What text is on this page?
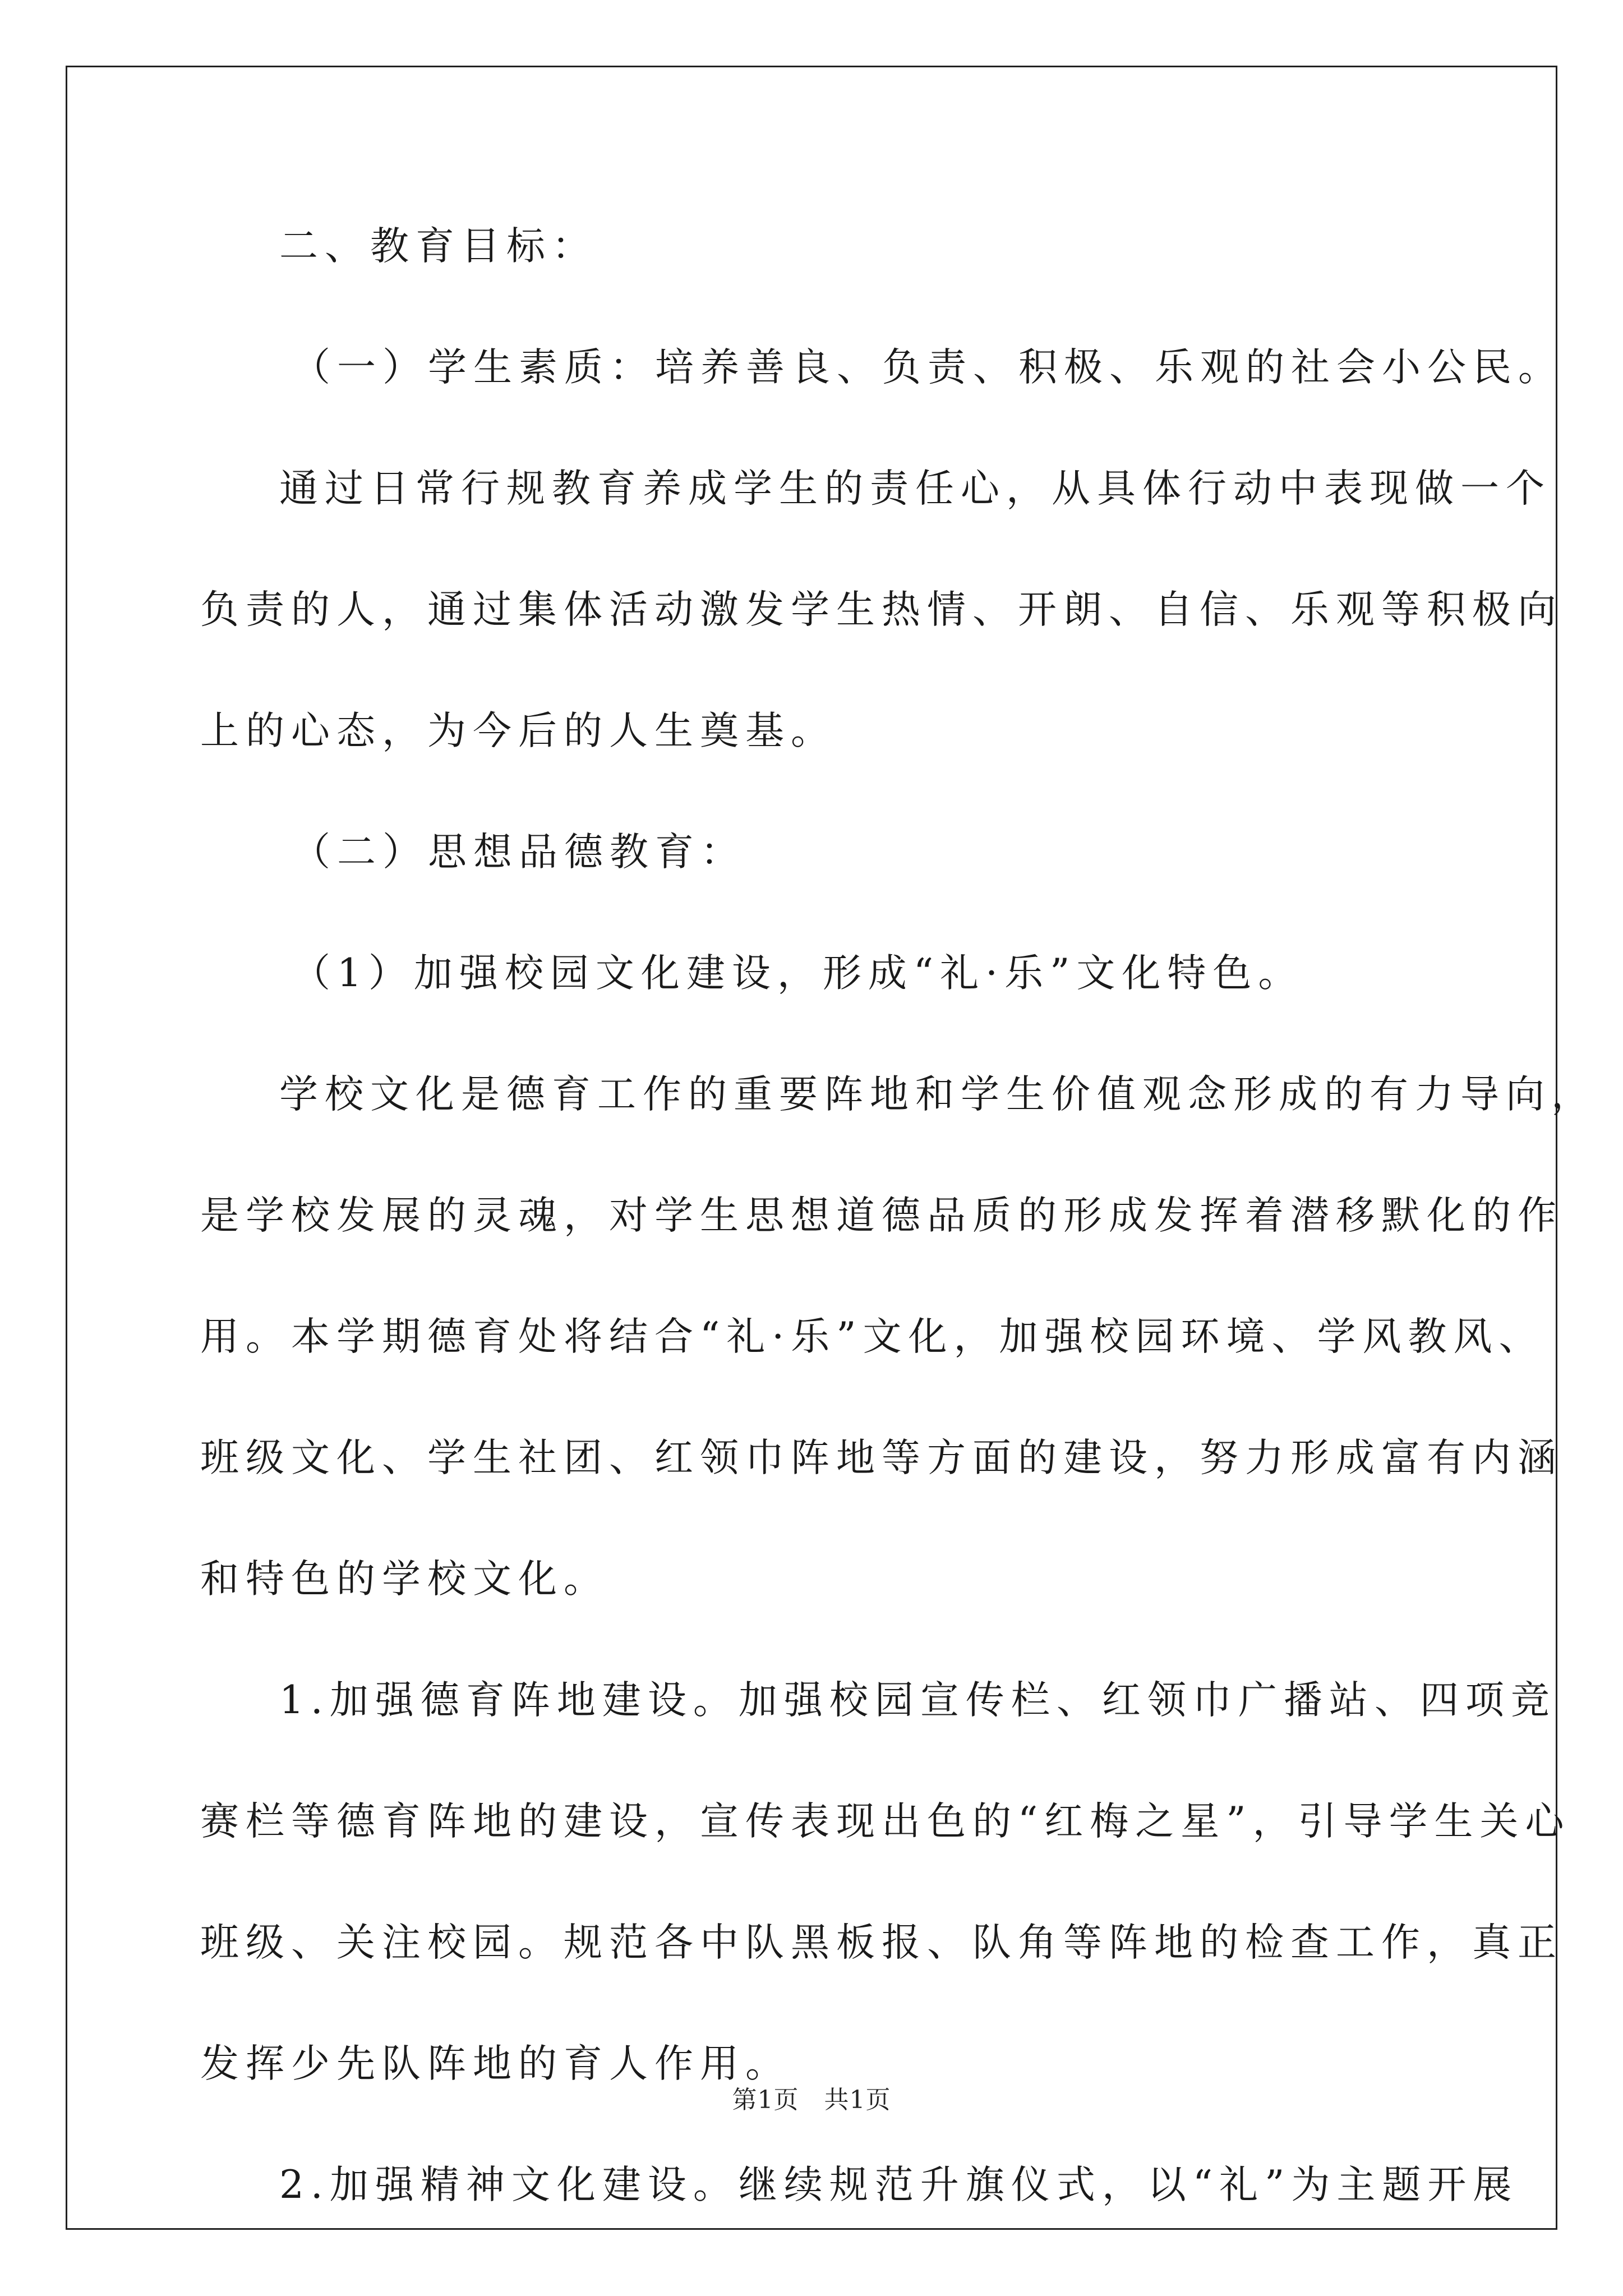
二、教育目标：
（一）学生素质：培养善良、负责、积极、乐观的社会小公民。
通过日常行规教育养成学生的责任心，从具体行动中表现做一个
负责的人，通过集体活动激发学生热情、开朗、自信、乐观等积极向
上的心态，为今后的人生奠基。
（二）思想品德教育：
（1）加强校园文化建设，形成“礼·乐”文化特色。
学校文化是德育工作的重要阵地和学生价值观念形成的有力导向，
是学校发展的灵魂，对学生思想道德品质的形成发挥着潜移默化的作
用。本学期德育处将结合“礼·乐”文化，加强校园环境、学风教风、
班级文化、学生社团、红领巾阵地等方面的建设，努力形成富有内涵
和特色的学校文化。
1.加强德育阵地建设。加强校园宣传栏、红领巾广播站、四项竞
赛栏等德育阵地的建设，宣传表现出色的“红梅之星”，引导学生关心
班级、关注校园。规范各中队黑板报、队角等阵地的检查工作，真正
发挥少先队阵地的育人作用。
2.加强精神文化建设。继续规范升旗仪式，以“礼”为主题开展
第1页   共1页
